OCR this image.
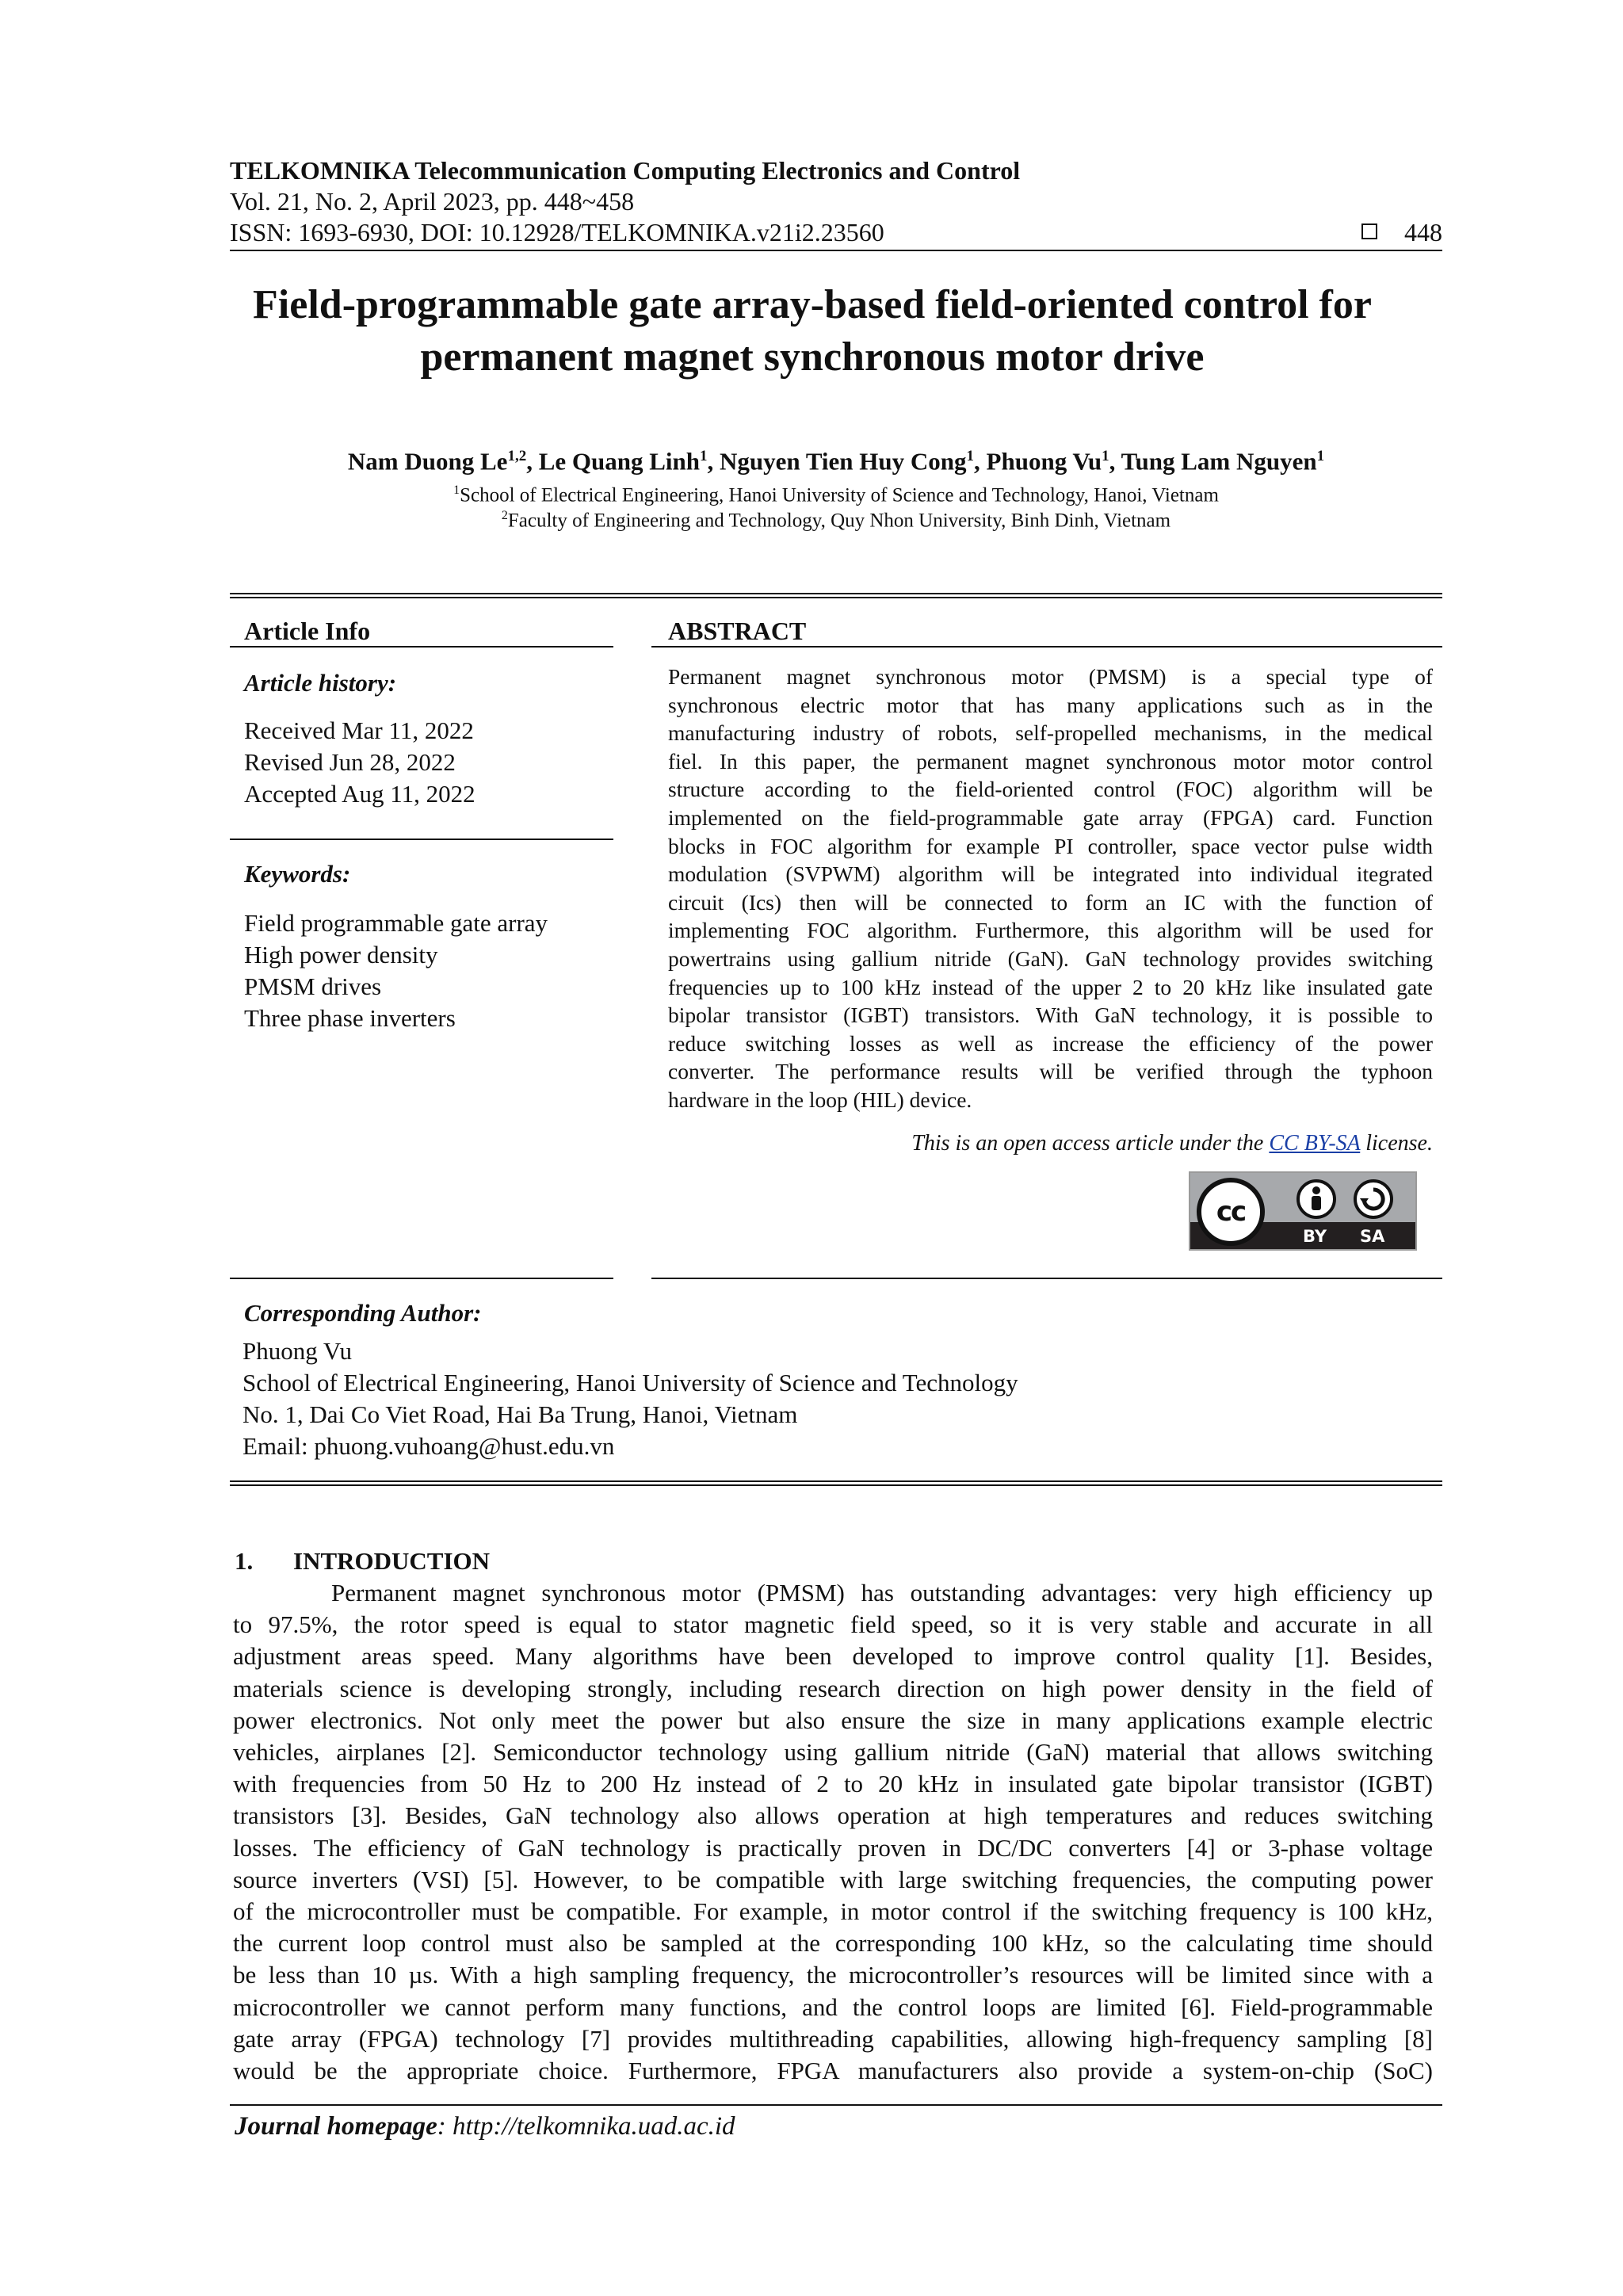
TELKOMNIKA Telecommunication Computing Electronics and Control
Vol. 21, No. 2, April 2023, pp. 448~458
ISSN: 1693-6930, DOI: 10.12928/TELKOMNIKA.v21i2.23560	448
Field-programmable gate array-based field-oriented control for
permanent magnet synchronous motor drive
Nam Duong Le$^{1,2}$, Le Quang Linh$^1$, Nguyen Tien Huy Cong$^1$, Phuong Vu$^1$, Tung Lam Nguyen$^1$
$^1$School of Electrical Engineering, Hanoi University of Science and Technology, Hanoi, Vietnam
$^2$Faculty of Engineering and Technology, Quy Nhon University, Binh Dinh, Vietnam
Article Info
Article history:
Received Mar 11, 2022
Revised Jun 28, 2022
Accepted Aug 11, 2022
Keywords:
Field programmable gate array
High power density
PMSM drives
Three phase inverters
ABSTRACT
Permanent magnet synchronous motor (PMSM) is a special type of
synchronous electric motor that has many applications such as in the
manufacturing industry of robots, self-propelled mechanisms, in the medical
fiel. In this paper, the permanent magnet synchronous motor motor control
structure according to the field-oriented control (FOC) algorithm will be
implemented on the field-programmable gate array (FPGA) card. Function
blocks in FOC algorithm for example PI controller, space vector pulse width
modulation (SVPWM) algorithm will be integrated into individual itegrated
circuit (Ics) then will be connected to form an IC with the function of
implementing FOC algorithm. Furthermore, this algorithm will be used for
powertrains using gallium nitride (GaN). GaN technology provides switching
frequencies up to 100 kHz instead of the upper 2 to 20 kHz like insulated gate
bipolar transistor (IGBT) transistors. With GaN technology, it is possible to
reduce switching losses as well as increase the efficiency of the power
converter. The performance results will be verified through the typhoon
hardware in the loop (HIL) device.
This is an open access article under the CC BY-SA license.
cc
BY SA
Corresponding Author:
Phuong Vu
School of Electrical Engineering, Hanoi University of Science and Technology
No. 1, Dai Co Viet Road, Hai Ba Trung, Hanoi, Vietnam
Email: phuong.vuhoang@hust.edu.vn
1. INTRODUCTION
Permanent magnet synchronous motor (PMSM) has outstanding advantages: very high efficiency up
to 97.5%, the rotor speed is equal to stator magnetic field speed, so it is very stable and accurate in all
adjustment areas speed. Many algorithms have been developed to improve control quality [1]. Besides,
materials science is developing strongly, including research direction on high power density in the field of
power electronics. Not only meet the power but also ensure the size in many applications example electric
vehicles, airplanes [2]. Semiconductor technology using gallium nitride (GaN) material that allows switching
with frequencies from 50 Hz to 200 Hz instead of 2 to 20 kHz in insulated gate bipolar transistor (IGBT)
transistors [3]. Besides, GaN technology also allows operation at high temperatures and reduces switching
losses. The efficiency of GaN technology is practically proven in DC/DC converters [4] or 3-phase voltage
source inverters (VSI) [5]. However, to be compatible with large switching frequencies, the computing power
of the microcontroller must be compatible. For example, in motor control if the switching frequency is 100 kHz,
the current loop control must also be sampled at the corresponding 100 kHz, so the calculating time should
be less than 10 µs. With a high sampling frequency, the microcontroller’s resources will be limited since with a
microcontroller we cannot perform many functions, and the control loops are limited [6]. Field-programmable
gate array (FPGA) technology [7] provides multithreading capabilities, allowing high-frequency sampling [8]
would be the appropriate choice. Furthermore, FPGA manufacturers also provide a system-on-chip (SoC)
Journal homepage: http://telkomnika.uad.ac.id
